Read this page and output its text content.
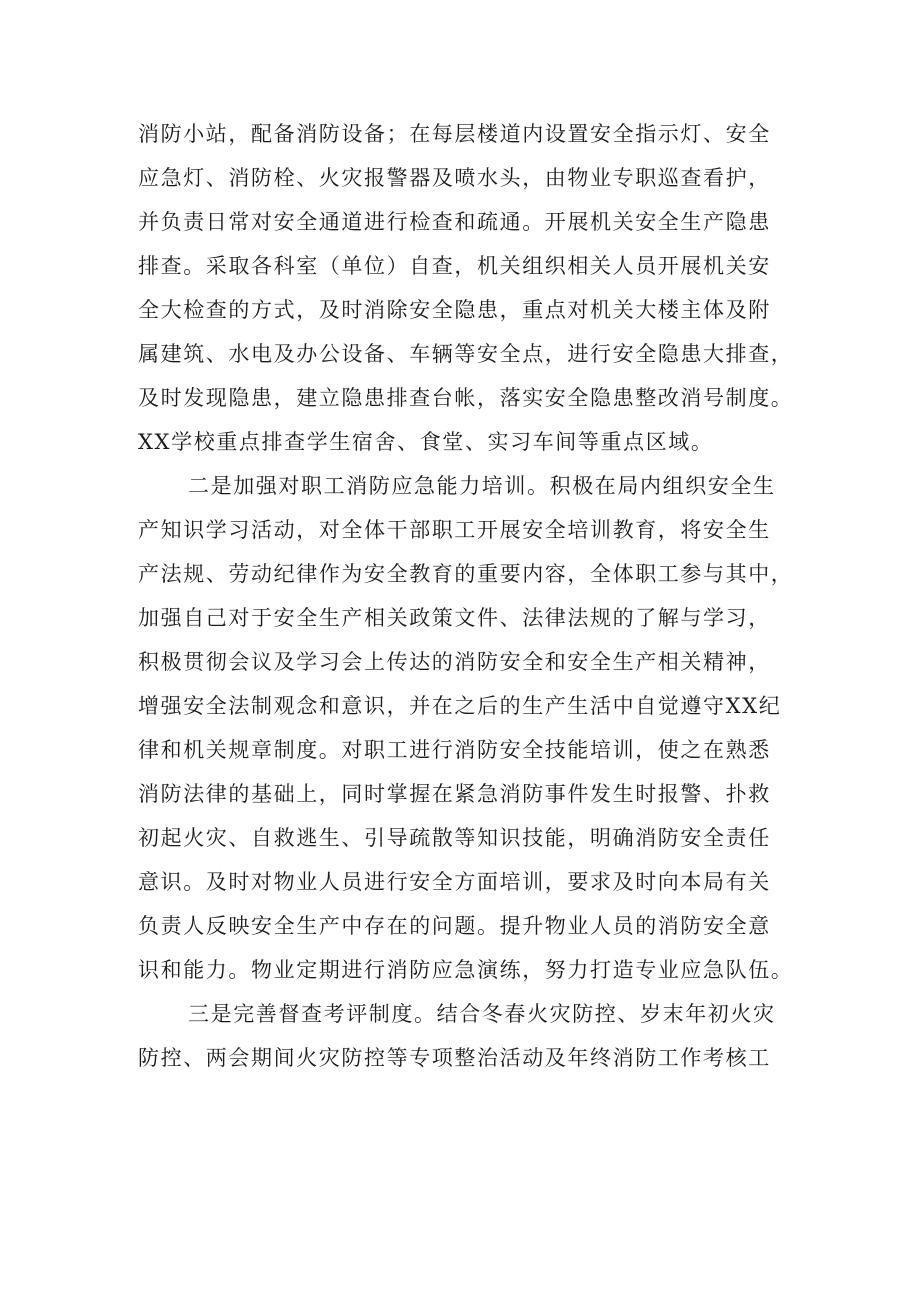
消防小站，配备消防设备；在每层楼道内设置安全指示灯、安全
应急灯、消防栓、火灾报警器及喷水头，由物业专职巡查看护，
并负责日常对安全通道进行检查和疏通。开展机关安全生产隐患
排查。采取各科室（单位）自查，机关组织相关人员开展机关安
全大检查的方式，及时消除安全隐患，重点对机关大楼主体及附
属建筑、水电及办公设备、车辆等安全点，进行安全隐患大排查，
及时发现隐患，建立隐患排查台帐，落实安全隐患整改消号制度。
XX学校重点排查学生宿舍、食堂、实习车间等重点区域。
二是加强对职工消防应急能力培训。积极在局内组织安全生
产知识学习活动，对全体干部职工开展安全培训教育，将安全生
产法规、劳动纪律作为安全教育的重要内容，全体职工参与其中，
加强自己对于安全生产相关政策文件、法律法规的了解与学习，
积极贯彻会议及学习会上传达的消防安全和安全生产相关精神，
增强安全法制观念和意识，并在之后的生产生活中自觉遵守XX纪
律和机关规章制度。对职工进行消防安全技能培训，使之在熟悉
消防法律的基础上，同时掌握在紧急消防事件发生时报警、扑救
初起火灾、自救逃生、引导疏散等知识技能，明确消防安全责任
意识。及时对物业人员进行安全方面培训，要求及时向本局有关
负责人反映安全生产中存在的问题。提升物业人员的消防安全意
识和能力。物业定期进行消防应急演练，努力打造专业应急队伍。
三是完善督查考评制度。结合冬春火灾防控、岁末年初火灾
防控、两会期间火灾防控等专项整治活动及年终消防工作考核工
